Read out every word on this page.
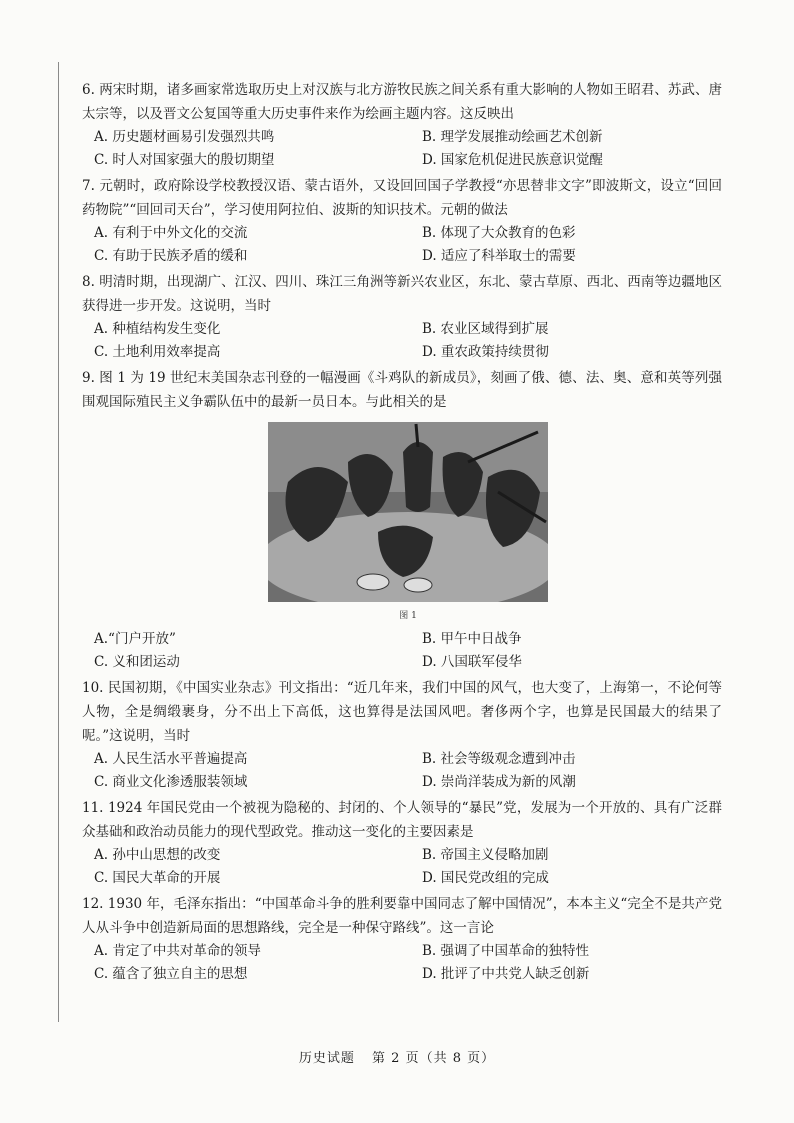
6. 两宋时期，诸多画家常选取历史上对汉族与北方游牧民族之间关系有重大影响的人物如王昭君、苏武、唐太宗等，以及晋文公复国等重大历史事件来作为绘画主题内容。这反映出

A. 历史题材画易引发强烈共鸣	B. 理学发展推动绘画艺术创新
C. 时人对国家强大的殷切期望	D. 国家危机促进民族意识觉醒

7. 元朝时，政府除设学校教授汉语、蒙古语外，又设回回国子学教授“亦思替非文字”即波斯文，设立“回回药物院”“回回司天台”，学习使用阿拉伯、波斯的知识技术。元朝的做法

A. 有利于中外文化的交流	B. 体现了大众教育的色彩
C. 有助于民族矛盾的缓和	D. 适应了科举取士的需要

8. 明清时期，出现湖广、江汉、四川、珠江三角洲等新兴农业区，东北、蒙古草原、西北、西南等边疆地区获得进一步开发。这说明，当时

A. 种植结构发生变化	B. 农业区域得到扩展
C. 土地利用效率提高	D. 重农政策持续贯彻

9. 图 1 为 19 世纪末美国杂志刊登的一幅漫画《斗鸡队的新成员》，刻画了俄、德、法、奥、意和英等列强围观国际殖民主义争霸队伍中的最新一员日本。与此相关的是

图 1
A.“门户开放”	B. 甲午中日战争
C. 义和团运动	D. 八国联军侵华

10. 民国初期，《中国实业杂志》刊文指出：“近几年来，我们中国的风气，也大变了，上海第一，不论何等人物，全是绸缎裹身，分不出上下高低，这也算得是法国风吧。奢侈两个字，也算是民国最大的结果了呢。”这说明，当时

A. 人民生活水平普遍提高	B. 社会等级观念遭到冲击
C. 商业文化渗透服装领域	D. 崇尚洋装成为新的风潮

11. 1924 年国民党由一个被视为隐秘的、封闭的、个人领导的“暴民”党，发展为一个开放的、具有广泛群众基础和政治动员能力的现代型政党。推动这一变化的主要因素是

A. 孙中山思想的改变	B. 帝国主义侵略加剧
C. 国民大革命的开展	D. 国民党改组的完成

12. 1930 年，毛泽东指出：“中国革命斗争的胜利要靠中国同志了解中国情况”，本本主义“完全不是共产党人从斗争中创造新局面的思想路线，完全是一种保守路线”。这一言论

A. 肯定了中共对革命的领导	B. 强调了中国革命的独特性
C. 蕴含了独立自主的思想	D. 批评了中共党人缺乏创新
历史试题 第 2 页（共 8 页）
